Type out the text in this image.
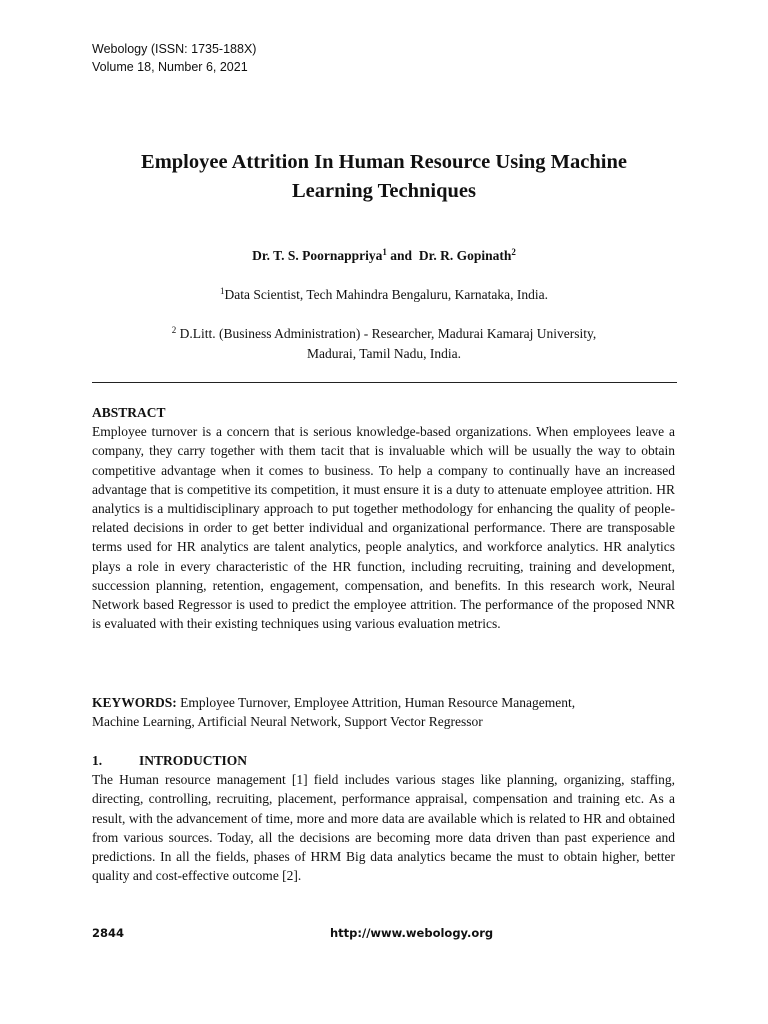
Webology (ISSN: 1735-188X)
Volume 18, Number 6, 2021
Employee Attrition In Human Resource Using Machine
Learning Techniques
Dr. T. S. Poornappriya$^1$ and  Dr. R. Gopinath$^2$
$^1$Data Scientist, Tech Mahindra Bengaluru, Karnataka, India.
$^2$ D.Litt. (Business Administration) - Researcher, Madurai Kamaraj University,
Madurai, Tamil Nadu, India.
ABSTRACT
Employee turnover is a concern that is serious knowledge-based organizations. When employees leave a company, they carry together with them tacit that is invaluable which will be usually the way to obtain competitive advantage when it comes to business. To help a company to continually have an increased advantage that is competitive its competition, it must ensure it is a duty to attenuate employee attrition. HR analytics is a multidisciplinary approach to put together methodology for enhancing the quality of people-related decisions in order to get better individual and organizational performance. There are transposable terms used for HR analytics are talent analytics, people analytics, and workforce analytics. HR analytics plays a role in every characteristic of the HR function, including recruiting, training and development, succession planning, retention, engagement, compensation, and benefits. In this research work, Neural Network based Regressor is used to predict the employee attrition. The performance of the proposed NNR is evaluated with their existing techniques using various evaluation metrics.
KEYWORDS: Employee Turnover, Employee Attrition, Human Resource Management,
Machine Learning, Artificial Neural Network, Support Vector Regressor
1.	INTRODUCTION
The Human resource management [1] field includes various stages like planning, organizing, staffing, directing, controlling, recruiting, placement, performance appraisal, compensation and training etc. As a result, with the advancement of time, more and more data are available which is related to HR and obtained from various sources. Today, all the decisions are becoming more data driven than past experience and predictions. In all the fields, phases of HRM Big data analytics became the must to obtain higher, better quality and cost-effective outcome [2].
2844	http://www.webology.org
